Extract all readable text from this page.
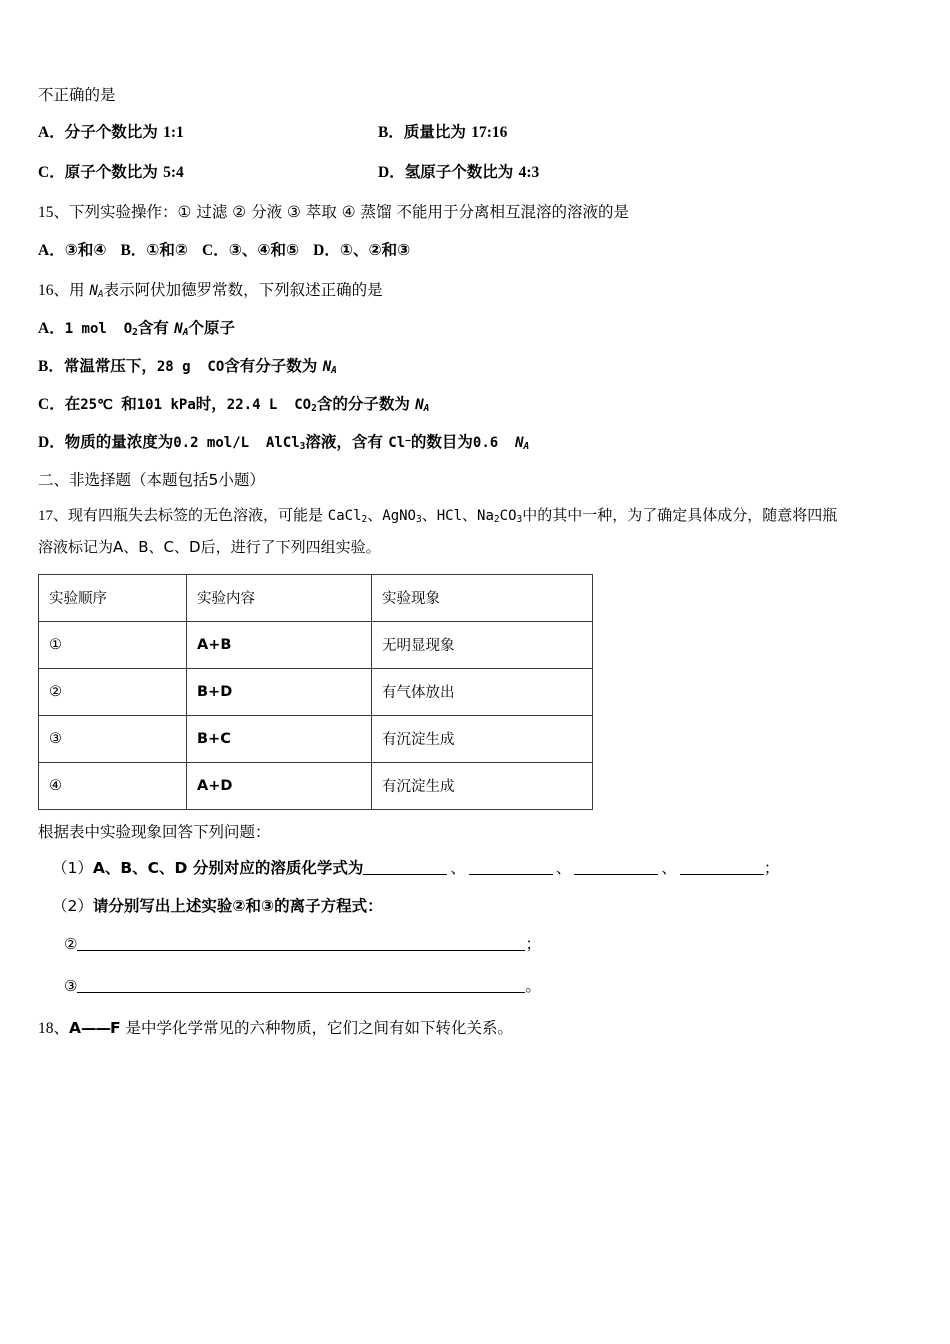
不正确的是
A．分子个数比为 1:1	B．质量比为 17:16
C．原子个数比为 5:4	D．氢原子个数比为 4:3
15、下列实验操作：① 过滤 ② 分液 ③ 萃取 ④ 蒸馏 不能用于分离相互混溶的溶液的是
A．③和④ B．①和② C．③、④和⑤ D．①、②和③
16、用 $N_A$表示阿伏加德罗常数，下列叙述正确的是
A．1 mol  $O_2$含有 $N_A$个原子
B．常温常压下，28 g  CO含有分子数为 $N_A$
C．在25℃ 和101 kPa时，22.4 L  $CO_2$含的分子数为 $N_A$
D．物质的量浓度为0.2 mol/L  AlCl$_3$溶液，含有 Cl−的数目为0.6  $N_A$
二、非选择题（本题包括5小题）
17、现有四瓶失去标签的无色溶液，可能是 CaCl$_2$、AgNO$_3$、HCl、$Na_2CO_3$中的其中一种，为了确定具体成分，随意将四瓶
溶液标记为A、B、C、D后，进行了下列四组实验。
实验顺序	实验内容	实验现象
①	A+B	无明显现象
②	B+D	有气体放出
③	B+C	有沉淀生成
④	A+D	有沉淀生成
根据表中实验现象回答下列问题：
（1）A、B、C、D 分别对应的溶质化学式为	、	、	、	；
（2）请分别写出上述实验②和③的离子方程式：
②	；
③	。
18、A——F 是中学化学常见的六种物质，它们之间有如下转化关系。
